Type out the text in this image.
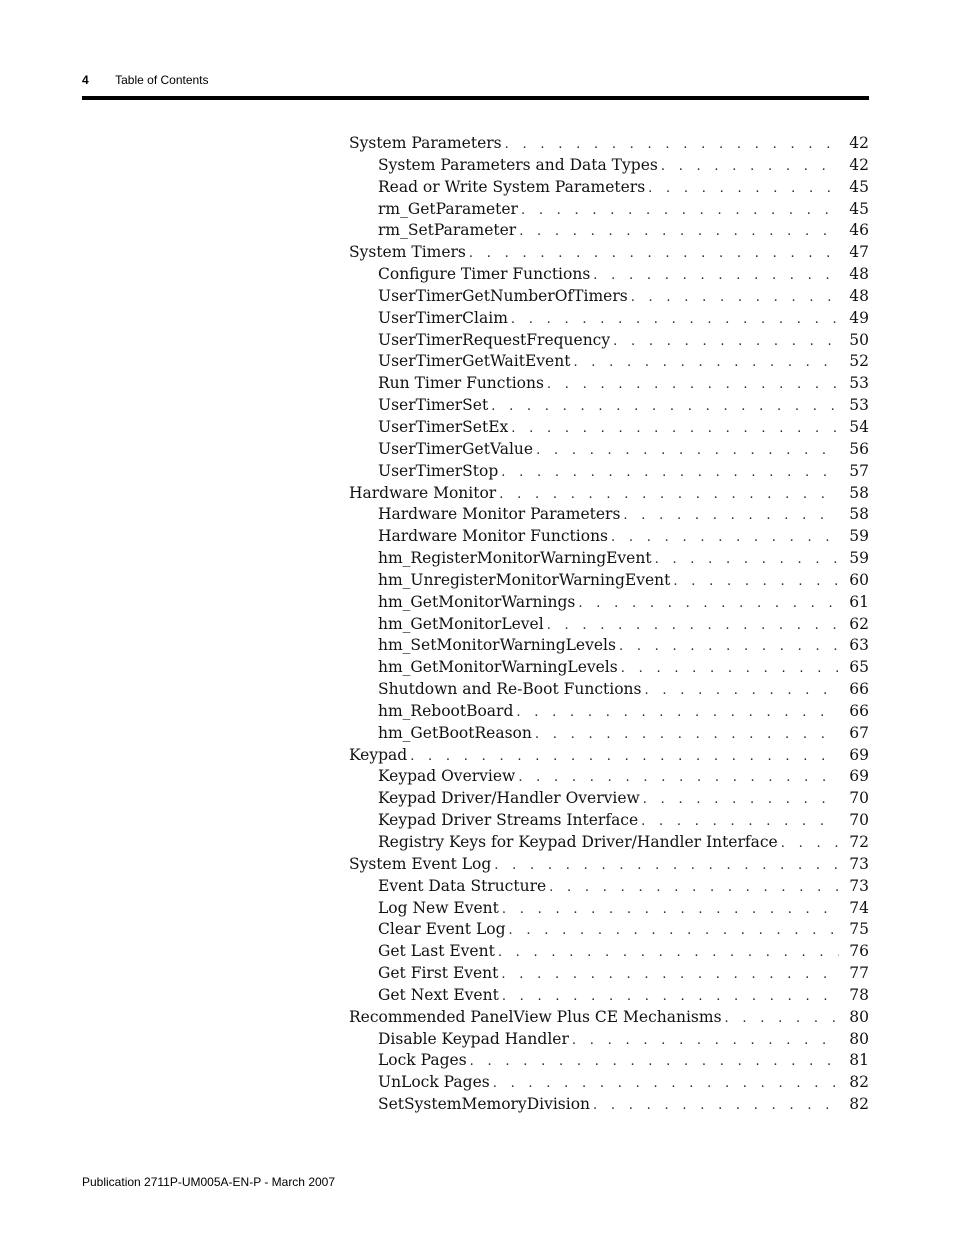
4 Table of Contents
System Parameters . . .	42
System Parameters and Data Types . . .	42
Read or Write System Parameters . . .	45
rm_GetParameter . . .	45
rm_SetParameter . . .	46
System Timers . . .	47
Configure Timer Functions . . .	48
UserTimerGetNumberOfTimers . . .	48
UserTimerClaim . . .	49
UserTimerRequestFrequency . . .	50
UserTimerGetWaitEvent . . .	52
Run Timer Functions . . .	53
UserTimerSet . . .	53
UserTimerSetEx . . .	54
UserTimerGetValue . . .	56
UserTimerStop . . .	57
Hardware Monitor . . .	58
Hardware Monitor Parameters . . .	58
Hardware Monitor Functions . . .	59
hm_RegisterMonitorWarningEvent . . .	59
hm_UnregisterMonitorWarningEvent . . .	60
hm_GetMonitorWarnings . . .	61
hm_GetMonitorLevel . . .	62
hm_SetMonitorWarningLevels . . .	63
hm_GetMonitorWarningLevels . . .	65
Shutdown and Re-Boot Functions . . .	66
hm_RebootBoard . . .	66
hm_GetBootReason . . .	67
Keypad . . .	69
Keypad Overview . . .	69
Keypad Driver/Handler Overview . . .	70
Keypad Driver Streams Interface . . .	70
Registry Keys for Keypad Driver/Handler Interface . . .	72
System Event Log . . .	73
Event Data Structure . . .	73
Log New Event . . .	74
Clear Event Log . . .	75
Get Last Event . . .	76
Get First Event . . .	77
Get Next Event . . .	78
Recommended PanelView Plus CE Mechanisms . . .	80
Disable Keypad Handler . . .	80
Lock Pages . . .	81
UnLock Pages . . .	82
SetSystemMemoryDivision . . .	82
Publication 2711P-UM005A-EN-P - March 2007
